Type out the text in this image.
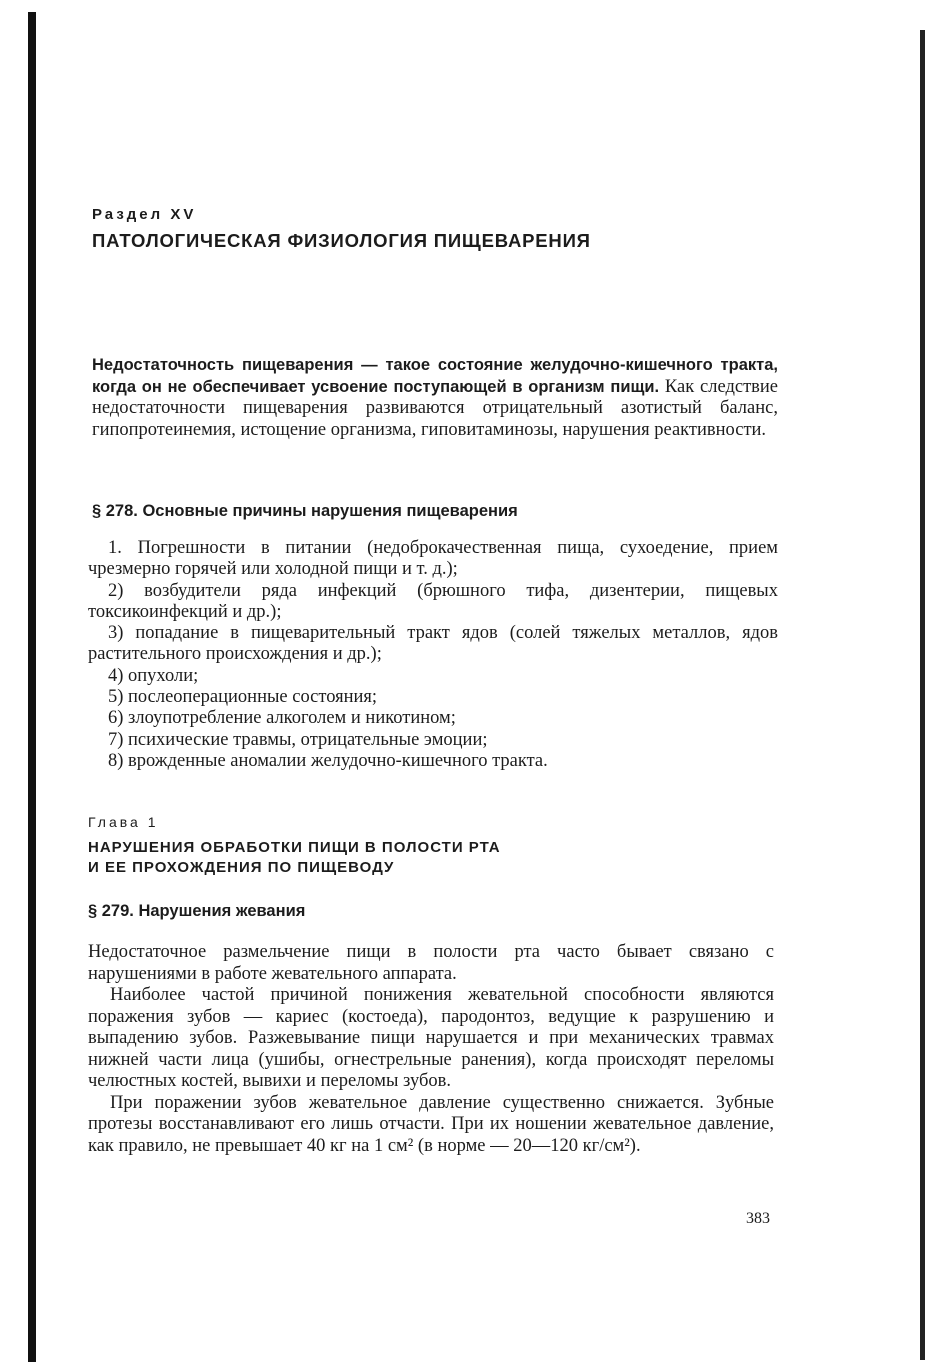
Раздел XV
ПАТОЛОГИЧЕСКАЯ ФИЗИОЛОГИЯ ПИЩЕВАРЕНИЯ

Недостаточность пищеварения — такое состояние желудочно-кишечного тракта, когда он не обеспечивает усвоение поступающей в организм пищи. Как следствие недостаточности пищеварения развиваются отрицательный азотистый баланс, гипопротеинемия, истощение организма, гиповитаминозы, нарушения реактивности.

§ 278. Основные причины нарушения пищеварения
1. Погрешности в питании (недоброкачественная пища, сухоедение, прием чрезмерно горячей или холодной пищи и т. д.);
2) возбудители ряда инфекций (брюшного тифа, дизентерии, пищевых токсикоинфекций и др.);
3) попадание в пищеварительный тракт ядов (солей тяжелых металлов, ядов растительного происхождения и др.);
4) опухоли;
5) послеоперационные состояния;
6) злоупотребление алкоголем и никотином;
7) психические травмы, отрицательные эмоции;
8) врожденные аномалии желудочно-кишечного тракта.
Глава 1
НАРУШЕНИЯ ОБРАБОТКИ ПИЩИ В ПОЛОСТИ РТА
И ЕЕ ПРОХОЖДЕНИЯ ПО ПИЩЕВОДУ
§ 279. Нарушения жевания

Недостаточное размельчение пищи в полости рта часто бывает связано с нарушениями в работе жевательного аппарата.

Наиболее частой причиной понижения жевательной способности являются поражения зубов — кариес (костоеда), пародонтоз, ведущие к разрушению и выпадению зубов. Разжевывание пищи нарушается и при механических травмах нижней части лица (ушибы, огнестрельные ранения), когда происходят переломы челюстных костей, вывихи и переломы зубов.

При поражении зубов жевательное давление существенно снижается. Зубные протезы восстанавливают его лишь отчасти. При их ношении жевательное давление, как правило, не превышает 40 кг на 1 см² (в норме — 20—120 кг/см²).

383
